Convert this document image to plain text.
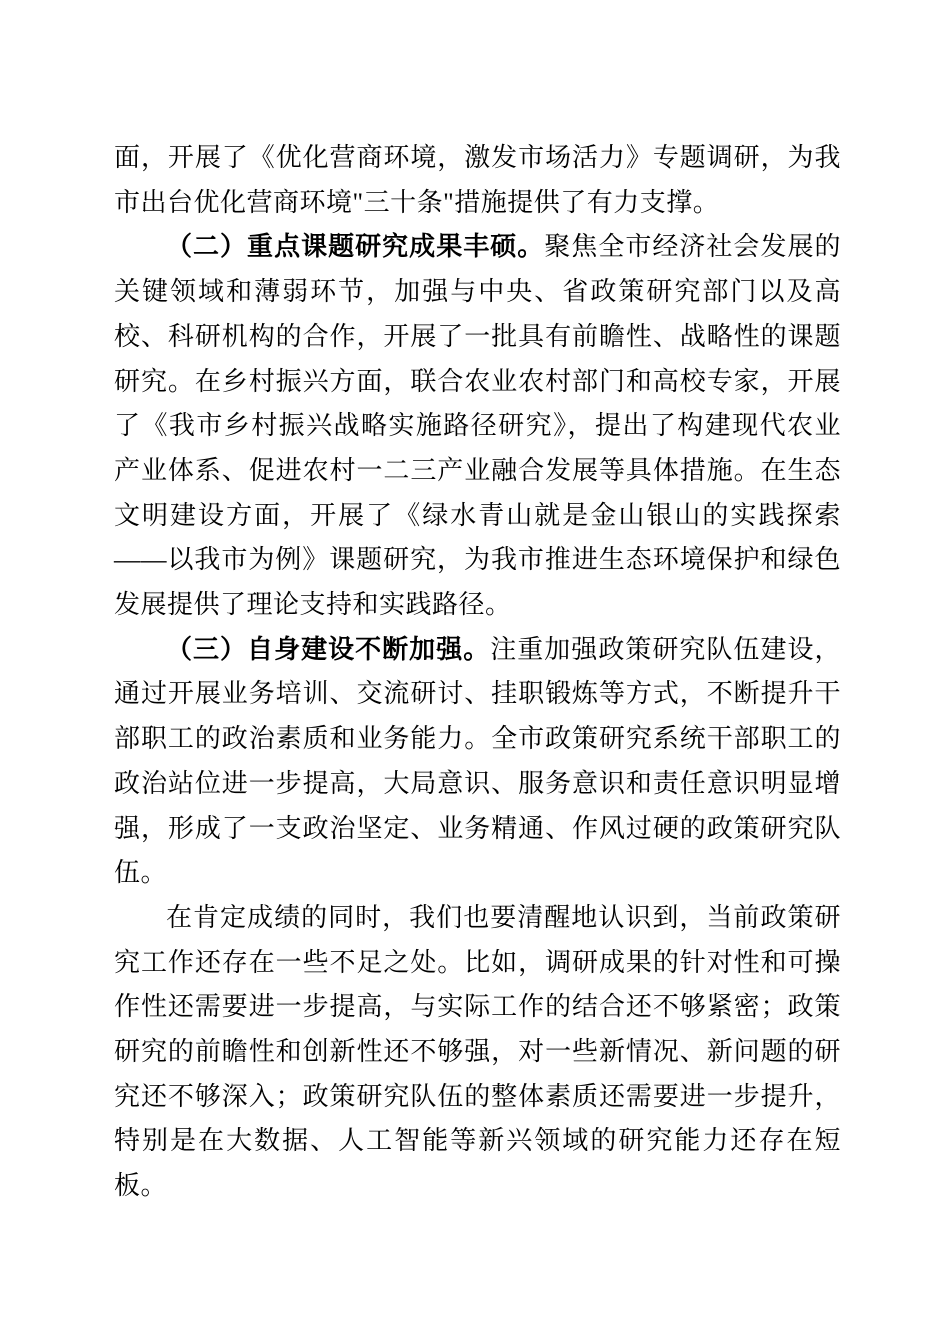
面，开展了《优化营商环境，激发市场活力》专题调研，为我市出台优化营商环境"三十条"措施提供了有力支撑。

（二）重点课题研究成果丰硕。聚焦全市经济社会发展的关键领域和薄弱环节，加强与中央、省政策研究部门以及高校、科研机构的合作，开展了一批具有前瞻性、战略性的课题研究。在乡村振兴方面，联合农业农村部门和高校专家，开展了《我市乡村振兴战略实施路径研究》，提出了构建现代农业产业体系、促进农村一二三产业融合发展等具体措施。在生态文明建设方面，开展了《绿水青山就是金山银山的实践探索——以我市为例》课题研究，为我市推进生态环境保护和绿色发展提供了理论支持和实践路径。

（三）自身建设不断加强。注重加强政策研究队伍建设，通过开展业务培训、交流研讨、挂职锻炼等方式，不断提升干部职工的政治素质和业务能力。全市政策研究系统干部职工的政治站位进一步提高，大局意识、服务意识和责任意识明显增强，形成了一支政治坚定、业务精通、作风过硬的政策研究队伍。

在肯定成绩的同时，我们也要清醒地认识到，当前政策研究工作还存在一些不足之处。比如，调研成果的针对性和可操作性还需要进一步提高，与实际工作的结合还不够紧密；政策研究的前瞻性和创新性还不够强，对一些新情况、新问题的研究还不够深入；政策研究队伍的整体素质还需要进一步提升，特别是在大数据、人工智能等新兴领域的研究能力还存在短板。
